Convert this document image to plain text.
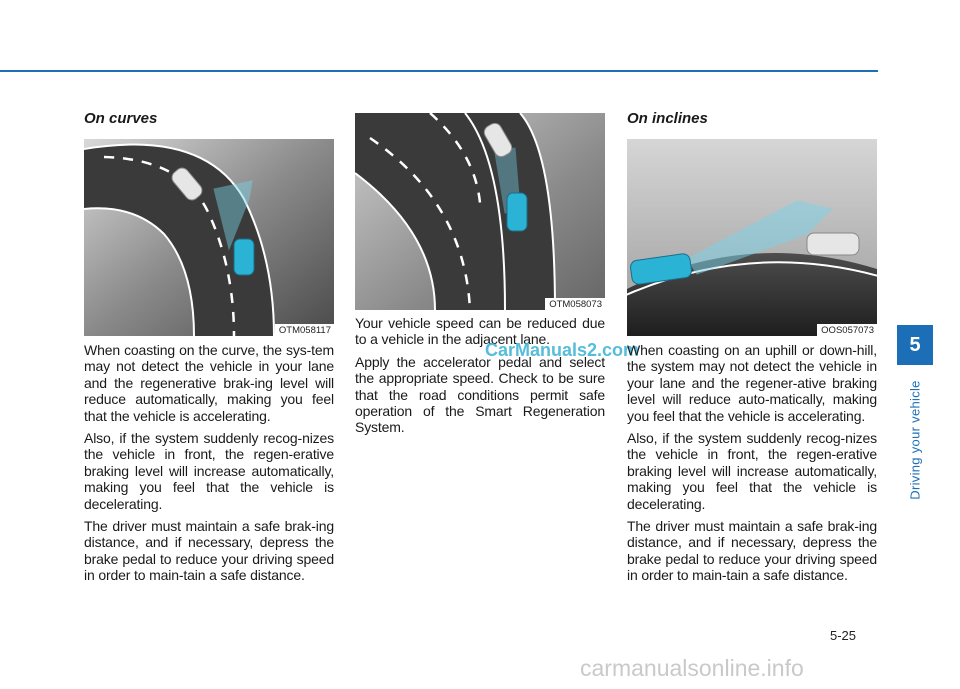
On curves
OTM058117

When coasting on the curve, the sys-tem may not detect the vehicle in your lane and the regenerative brak-ing level will reduce automatically, making you feel that the vehicle is accelerating.

Also, if the system suddenly recog-nizes the vehicle in front, the regen-erative braking level will increase automatically, making you feel that the vehicle is decelerating.

The driver must maintain a safe brak-ing distance, and if necessary, depress the brake pedal to reduce your driving speed in order to main-tain a safe distance.

OTM058073

Your vehicle speed can be reduced due to a vehicle in the adjacent lane.

Apply the accelerator pedal and select the appropriate speed. Check to be sure that the road conditions permit safe operation of the Smart Regeneration System.

CarManuals2.com
On inclines
OOS057073

When coasting on an uphill or down-hill, the system may not detect the vehicle in your lane and the regener-ative braking level will reduce auto-matically, making you feel that the vehicle is accelerating.

Also, if the system suddenly recog-nizes the vehicle in front, the regen-erative braking level will increase automatically, making you feel that the vehicle is decelerating.

The driver must maintain a safe brak-ing distance, and if necessary, depress the brake pedal to reduce your driving speed in order to main-tain a safe distance.

5
Driving your vehicle
5-25
carmanualsonline.info
